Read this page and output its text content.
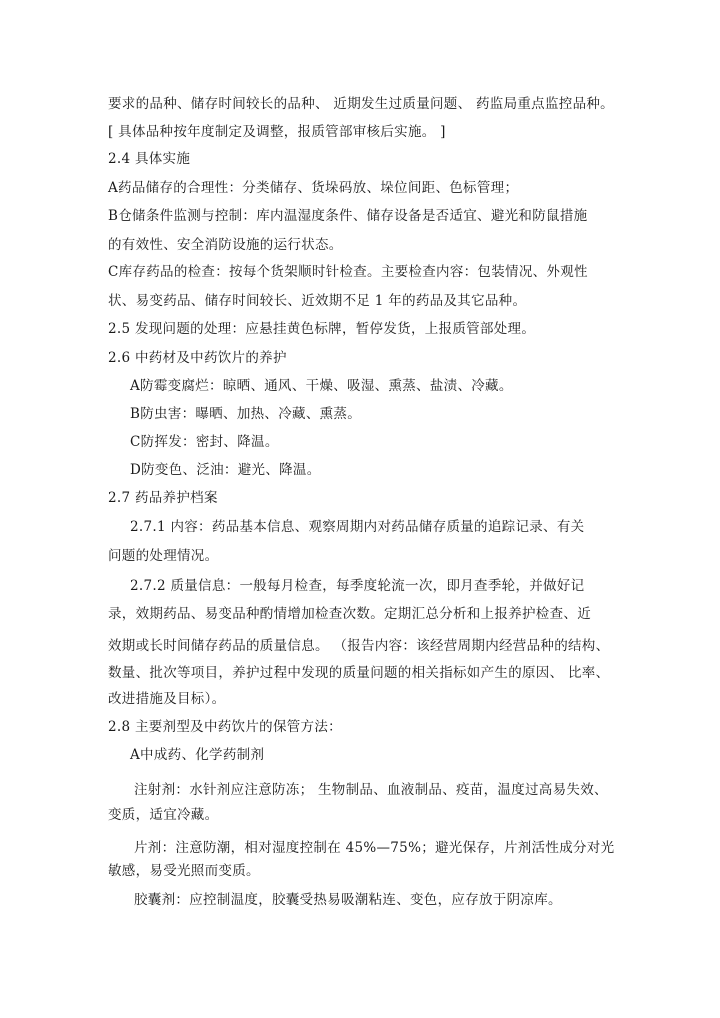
要求的品种、储存时间较长的品种、 近期发生过质量问题、 药监局重点监控品种。
[ 具体品种按年度制定及调整，报质管部审核后实施。 ]
2.4 具体实施
A药品储存的合理性：分类储存、货垛码放、垛位间距、色标管理；
B仓储条件监测与控制：库内温湿度条件、储存设备是否适宜、避光和防鼠措施
的有效性、安全消防设施的运行状态。
C库存药品的检查：按每个货架顺时针检查。主要检查内容：包装情况、外观性
状、易变药品、储存时间较长、近效期不足 1 年的药品及其它品种。
2.5 发现问题的处理：应悬挂黄色标牌，暂停发货，上报质管部处理。
2.6 中药材及中药饮片的养护
A防霉变腐烂：晾晒、通风、干燥、吸湿、熏蒸、盐渍、冷藏。
B防虫害：曝晒、加热、冷藏、熏蒸。
C防挥发：密封、降温。
D防变色、泛油：避光、降温。
2.7 药品养护档案
2.7.1 内容：药品基本信息、观察周期内对药品储存质量的追踪记录、有关
问题的处理情况。
2.7.2 质量信息：一般每月检查，每季度轮流一次，即月查季轮，并做好记
录，效期药品、易变品种酌情增加检查次数。定期汇总分析和上报养护检查、近
效期或长时间储存药品的质量信息。 （报告内容：该经营周期内经营品种的结构、
数量、批次等项目，养护过程中发现的质量问题的相关指标如产生的原因、 比率、
改进措施及目标）。
2.8 主要剂型及中药饮片的保管方法：
A中成药、化学药制剂
注射剂：水针剂应注意防冻； 生物制品、血液制品、疫苗，温度过高易失效、
变质，适宜冷藏。
片剂：注意防潮，相对湿度控制在 45%—75%；避光保存，片剂活性成分对光
敏感，易受光照而变质。
胶囊剂：应控制温度，胶囊受热易吸潮粘连、变色，应存放于阴凉库。
